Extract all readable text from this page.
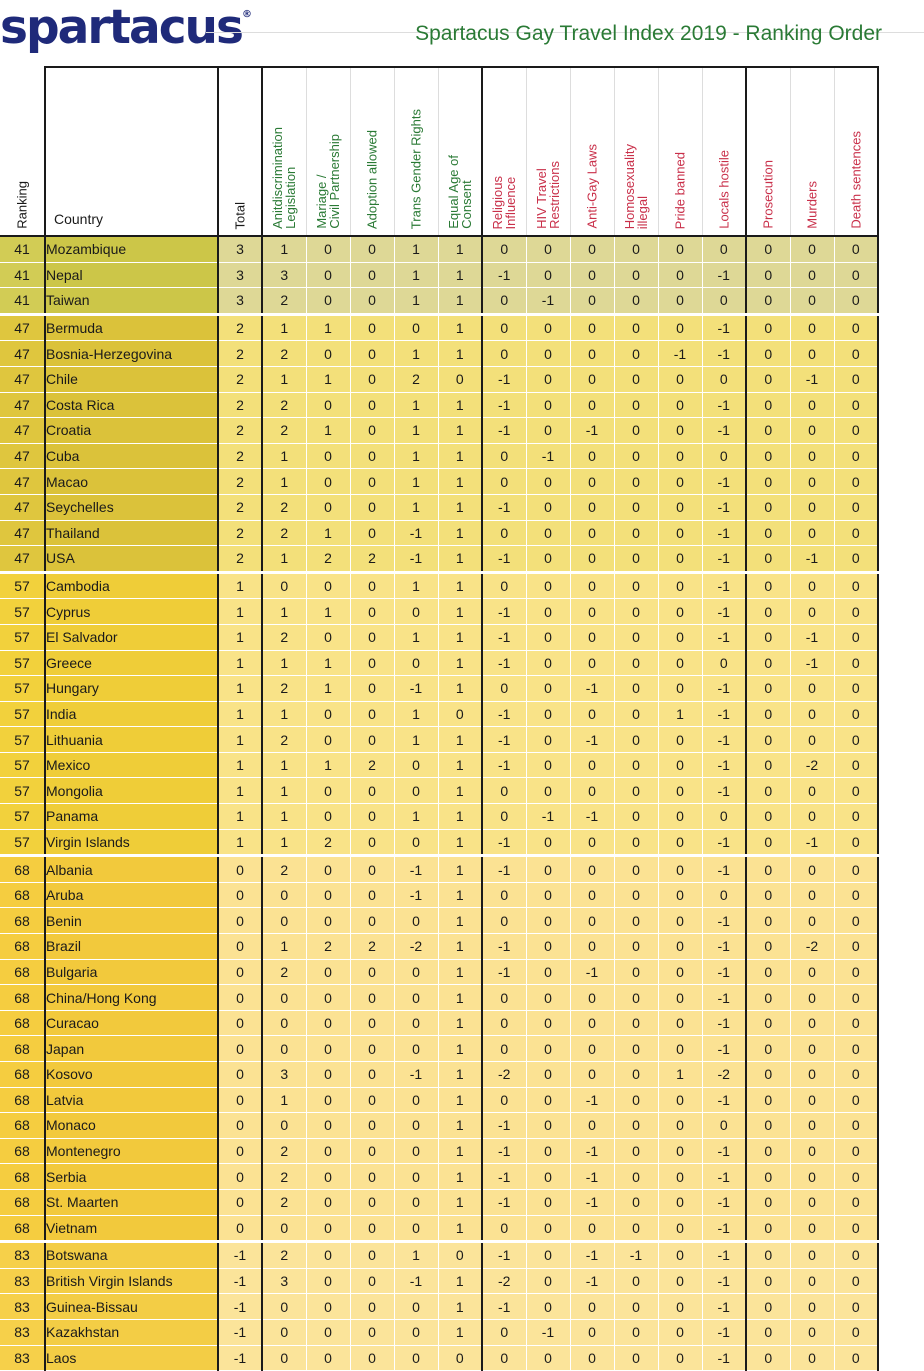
spartacus®
Spartacus Gay Travel Index 2019 - Ranking Order
Ranking	Country	Total	Anitdiscrimination
Legislation	Mariage /
Civil Partnership	Adoption allowed	Trans Gender Rights	Equal Age of
Consent	Religious
Influence	HIV Travel
Restrictions	Anti-Gay Laws	Homosexuality
illegal	Pride banned	Locals hostile	Prosecution	Murders	Death sentences

41	Mozambique	3	1	0	0	1	1	0	0	0	0	0	0	0	0	0
41	Nepal	3	3	0	0	1	1	-1	0	0	0	0	-1	0	0	0
41	Taiwan	3	2	0	0	1	1	0	-1	0	0	0	0	0	0	0
47	Bermuda	2	1	1	0	0	1	0	0	0	0	0	-1	0	0	0
47	Bosnia-Herzegovina	2	2	0	0	1	1	0	0	0	0	-1	-1	0	0	0
47	Chile	2	1	1	0	2	0	-1	0	0	0	0	0	0	-1	0
47	Costa Rica	2	2	0	0	1	1	-1	0	0	0	0	-1	0	0	0
47	Croatia	2	2	1	0	1	1	-1	0	-1	0	0	-1	0	0	0
47	Cuba	2	1	0	0	1	1	0	-1	0	0	0	0	0	0	0
47	Macao	2	1	0	0	1	1	0	0	0	0	0	-1	0	0	0
47	Seychelles	2	2	0	0	1	1	-1	0	0	0	0	-1	0	0	0
47	Thailand	2	2	1	0	-1	1	0	0	0	0	0	-1	0	0	0
47	USA	2	1	2	2	-1	1	-1	0	0	0	0	-1	0	-1	0
57	Cambodia	1	0	0	0	1	1	0	0	0	0	0	-1	0	0	0
57	Cyprus	1	1	1	0	0	1	-1	0	0	0	0	-1	0	0	0
57	El Salvador	1	2	0	0	1	1	-1	0	0	0	0	-1	0	-1	0
57	Greece	1	1	1	0	0	1	-1	0	0	0	0	0	0	-1	0
57	Hungary	1	2	1	0	-1	1	0	0	-1	0	0	-1	0	0	0
57	India	1	1	0	0	1	0	-1	0	0	0	1	-1	0	0	0
57	Lithuania	1	2	0	0	1	1	-1	0	-1	0	0	-1	0	0	0
57	Mexico	1	1	1	2	0	1	-1	0	0	0	0	-1	0	-2	0
57	Mongolia	1	1	0	0	0	1	0	0	0	0	0	-1	0	0	0
57	Panama	1	1	0	0	1	1	0	-1	-1	0	0	0	0	0	0
57	Virgin Islands	1	1	2	0	0	1	-1	0	0	0	0	-1	0	-1	0
68	Albania	0	2	0	0	-1	1	-1	0	0	0	0	-1	0	0	0
68	Aruba	0	0	0	0	-1	1	0	0	0	0	0	0	0	0	0
68	Benin	0	0	0	0	0	1	0	0	0	0	0	-1	0	0	0
68	Brazil	0	1	2	2	-2	1	-1	0	0	0	0	-1	0	-2	0
68	Bulgaria	0	2	0	0	0	1	-1	0	-1	0	0	-1	0	0	0
68	China/Hong Kong	0	0	0	0	0	1	0	0	0	0	0	-1	0	0	0
68	Curacao	0	0	0	0	0	1	0	0	0	0	0	-1	0	0	0
68	Japan	0	0	0	0	0	1	0	0	0	0	0	-1	0	0	0
68	Kosovo	0	3	0	0	-1	1	-2	0	0	0	1	-2	0	0	0
68	Latvia	0	1	0	0	0	1	0	0	-1	0	0	-1	0	0	0
68	Monaco	0	0	0	0	0	1	-1	0	0	0	0	0	0	0	0
68	Montenegro	0	2	0	0	0	1	-1	0	-1	0	0	-1	0	0	0
68	Serbia	0	2	0	0	0	1	-1	0	-1	0	0	-1	0	0	0
68	St. Maarten	0	2	0	0	0	1	-1	0	-1	0	0	-1	0	0	0
68	Vietnam	0	0	0	0	0	1	0	0	0	0	0	-1	0	0	0
83	Botswana	-1	2	0	0	1	0	-1	0	-1	-1	0	-1	0	0	0
83	British Virgin Islands	-1	3	0	0	-1	1	-2	0	-1	0	0	-1	0	0	0
83	Guinea-Bissau	-1	0	0	0	0	1	-1	0	0	0	0	-1	0	0	0
83	Kazakhstan	-1	0	0	0	0	1	0	-1	0	0	0	-1	0	0	0
83	Laos	-1	0	0	0	0	0	0	0	0	0	0	-1	0	0	0
